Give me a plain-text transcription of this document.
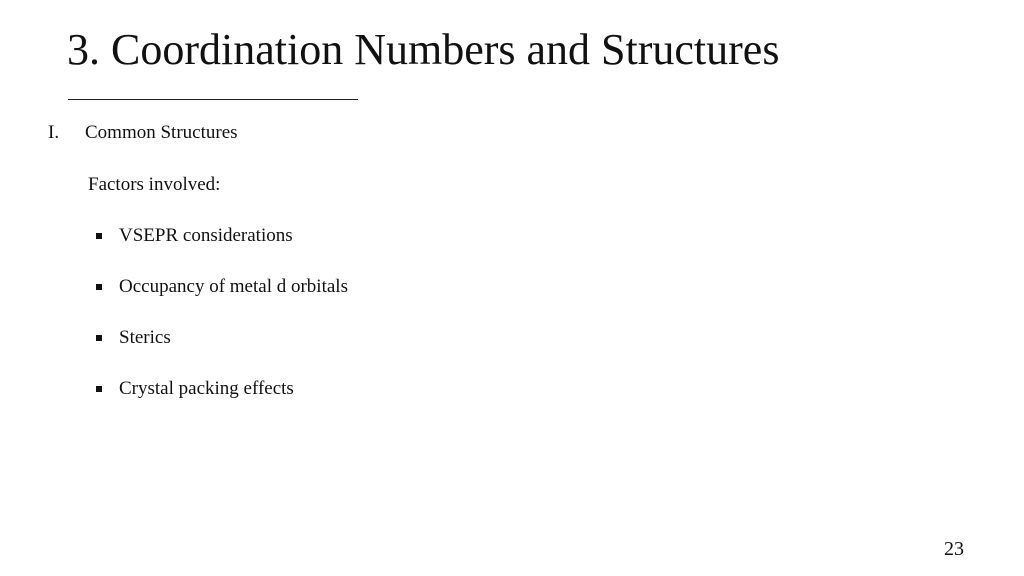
3. Coordination Numbers and Structures
I. Common Structures
Factors involved:
VSEPR considerations
Occupancy of metal d orbitals
Sterics
Crystal packing effects
23
